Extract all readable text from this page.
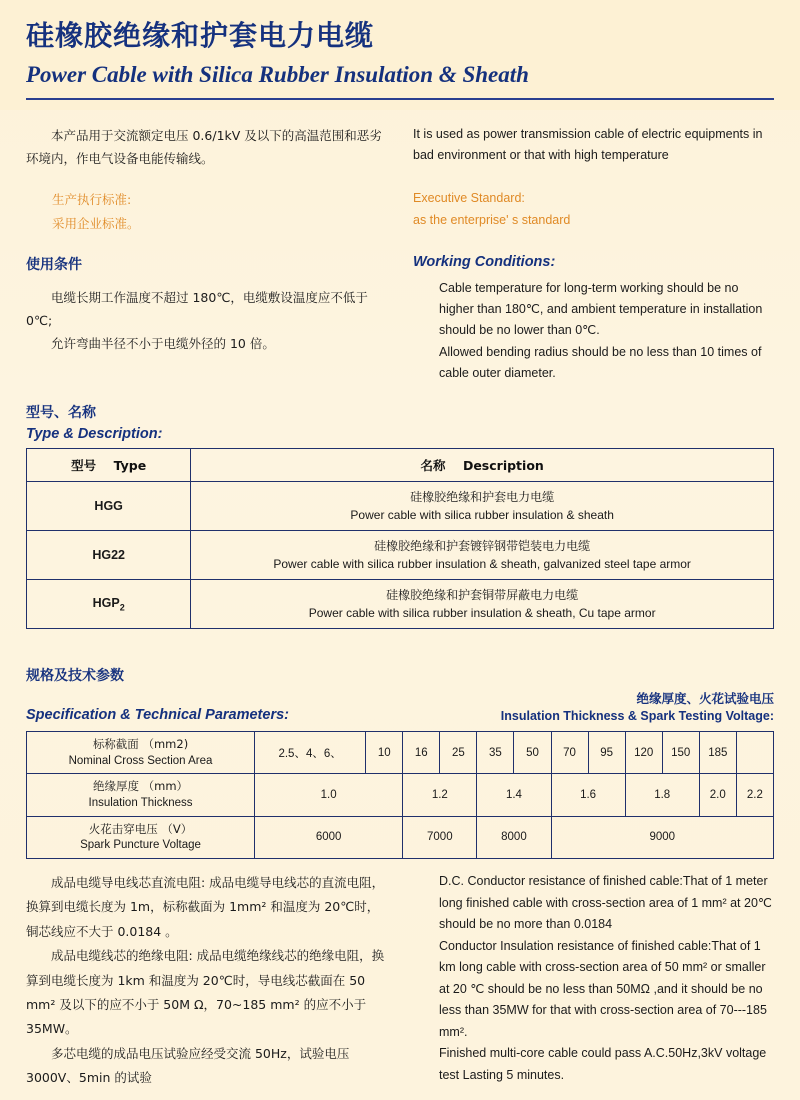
硅橡胶绝缘和护套电力电缆
Power Cable with Silica Rubber Insulation & Sheath
本产品用于交流额定电压 0.6/1kV 及以下的高温范围和恶劣环境内，作电气设备电能传输线。
It is used as power transmission cable of electric equipments in bad environment or that with high temperature
生产执行标准:
采用企业标准。
Executive Standard:
as the enterprise' s standard
使用条件
电缆长期工作温度不超过 180℃，电缆敷设温度应不低于 0℃;
允许弯曲半径不小于电缆外径的 10 倍。
Working Conditions:
Cable temperature for long-term working should be no higher than 180℃, and ambient temperature in installation should be no lower than 0℃.
Allowed bending radius should be no less than 10 times of cable outer diameter.
型号、名称
Type & Description:
型号 Type	名称 Description
HGG	硅橡胶绝缘和护套电力电缆
Power cable with silica rubber insulation & sheath

HG22	硅橡胶绝缘和护套镀锌钢带铠装电力电缆
Power cable with silica rubber insulation & sheath, galvanized steel tape armor

$HGP_2$	硅橡胶绝缘和护套铜带屏蔽电力电缆
Power cable with silica rubber insulation & sheath, Cu tape armor
规格及技术参数
Specification & Technical Parameters:
绝缘厚度、火花试验电压
Insulation Thickness & Spark Testing Voltage:
标称截面 （mm2)
Nominal Cross Section Area	2.5、4、6、	10	16	25	35	50	70	95	120	150	185	

绝缘厚度 （mm）
Insulation Thickness	1.0		1.2		1.4		1.6		1.8		2.0	2.2

火花击穿电压 （V）
Spark Puncture Voltage	6000		7000		8000		9000					
成品电缆导电线芯直流电阻: 成品电缆导电线芯的直流电阻，换算到电缆长度为 1m，标称截面为 1mm² 和温度为 20℃时，铜芯线应不大于 0.0184 。
成品电缆线芯的绝缘电阻: 成品电缆绝缘线芯的绝缘电阻，换算到电缆长度为 1km 和温度为 20℃时，导电线芯截面在 50 mm² 及以下的应不小于 50M Ω，70~185 mm² 的应不小于 35MW。
多芯电缆的成品电压试验应经受交流 50Hz，试验电压 3000V、5min 的试验
D.C. Conductor resistance of finished cable:That of 1 meter long finished cable with cross-section area of 1 mm² at 20℃ should be no more than 0.0184
Conductor Insulation resistance of finished cable:That of 1 km long cable with cross-section area of 50 mm² or smaller at 20 ℃ should be no less than 50MΩ ,and it should be no less than 35MW for that with cross-section area of 70---185 mm².
Finished multi-core cable could pass A.C.50Hz,3kV voltage test Lasting 5 minutes.
